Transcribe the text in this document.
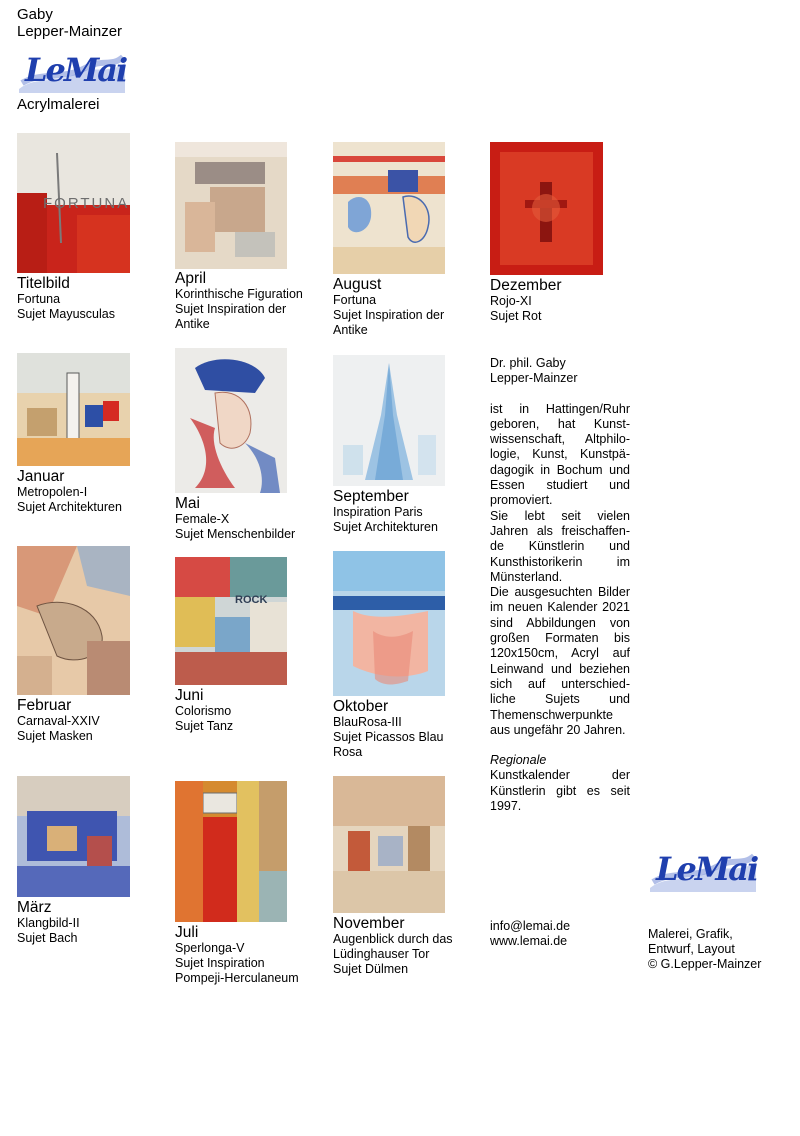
Gaby
Lepper-Mainzer
LeMai
Acrylmalerei
FORTUNA
ROCK
Titelbild
Fortuna
Sujet Mayusculas
April
Korinthische Figuration
Sujet Inspiration der
Antike
August
Fortuna
Sujet Inspiration der
Antike
Dezember
Rojo-XI
Sujet Rot
Januar
Metropolen-I
Sujet Architekturen	Mai
Female-X
Sujet Menschenbilder
September
Inspiration Paris
Sujet Architekturen
Februar
Carnaval-XXIV
Sujet Masken
Juni
Colorismo
Sujet Tanz
Oktober
BlauRosa-III
Sujet Picassos Blau
Rosa
März
Klangbild-II
Sujet Bach	Juli
Sperlonga-V
Sujet Inspiration
Pompeji-Herculaneum
November
Augenblick durch das
Lüdinghauser Tor
Sujet Dülmen

Dr. phil. Gaby

Lepper-Mainzer

ist in Hattingen/Ruhr geboren, hat Kunst-wissenschaft, Altphilo-logie, Kunst, Kunstpä-dagogik in Bochum und Essen studiert und promoviert.

Sie lebt seit vielen Jahren als freischaffen-de Künstlerin und Kunsthistorikerin im Münsterland.

Die ausgesuchten Bilder im neuen Kalender 2021 sind Abbildungen von großen Formaten bis 120x150cm, Acryl auf Leinwand und beziehen sich auf unterschied-liche Sujets und Themenschwerpunkte aus ungefähr 20 Jahren.

Regionale

Kunstkalender der Künstlerin gibt es seit 1997.

info@lemai.de
www.lemai.de
LeMai
Malerei, Grafik,
Entwurf, Layout
© G.Lepper-Mainzer
